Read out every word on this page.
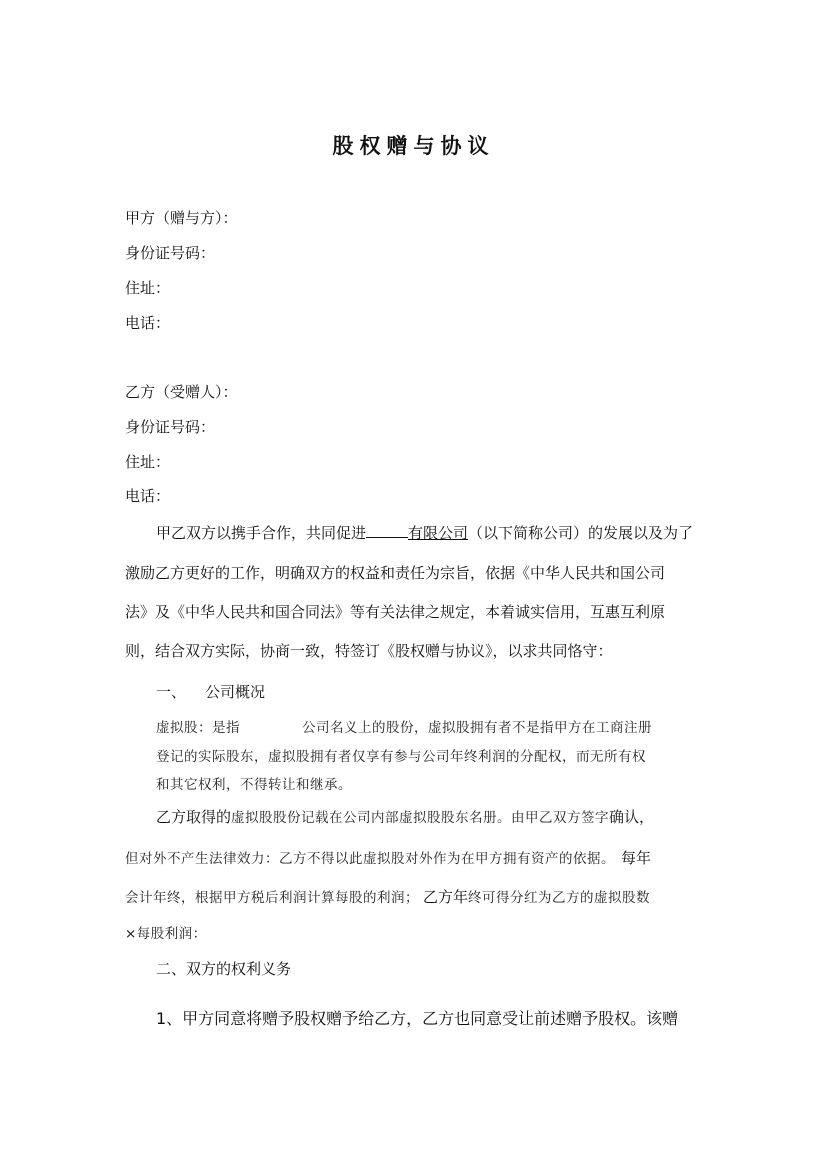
股权赠与协议
甲方（赠与方）：
身份证号码：
住址：
电话：
乙方（受赠人）：
身份证号码：
住址：
电话：
甲乙双方以携手合作，共同促进	有限公司（以下简称公司）的发展以及为了
激励乙方更好的工作，明确双方的权益和责任为宗旨，依据《中华人民共和国公司
法》及《中华人民共和国合同法》等有关法律之规定，本着诚实信用，互惠互利原
则，结合双方实际，协商一致，特签订《股权赠与协议》，以求共同恪守：
一、 公司概况
虚拟股：是指	公司名义上的股份，虚拟股拥有者不是指甲方在工商注册
登记的实际股东，虚拟股拥有者仅享有参与公司年终利润的分配权，而无所有权
和其它权利，不得转让和继承。
乙方取得的虚拟股股份记载在公司内部虚拟股股东名册。由甲乙双方签字确认，
但对外不产生法律效力：乙方不得以此虚拟股对外作为在甲方拥有资产的依据。 每年
会计年终，根据甲方税后利润计算每股的利润； 乙方年终可得分红为乙方的虚拟股数
×每股利润：
二、双方的权利义务
1、甲方同意将赠予股权赠予给乙方，乙方也同意受让前述赠予股权。该赠
